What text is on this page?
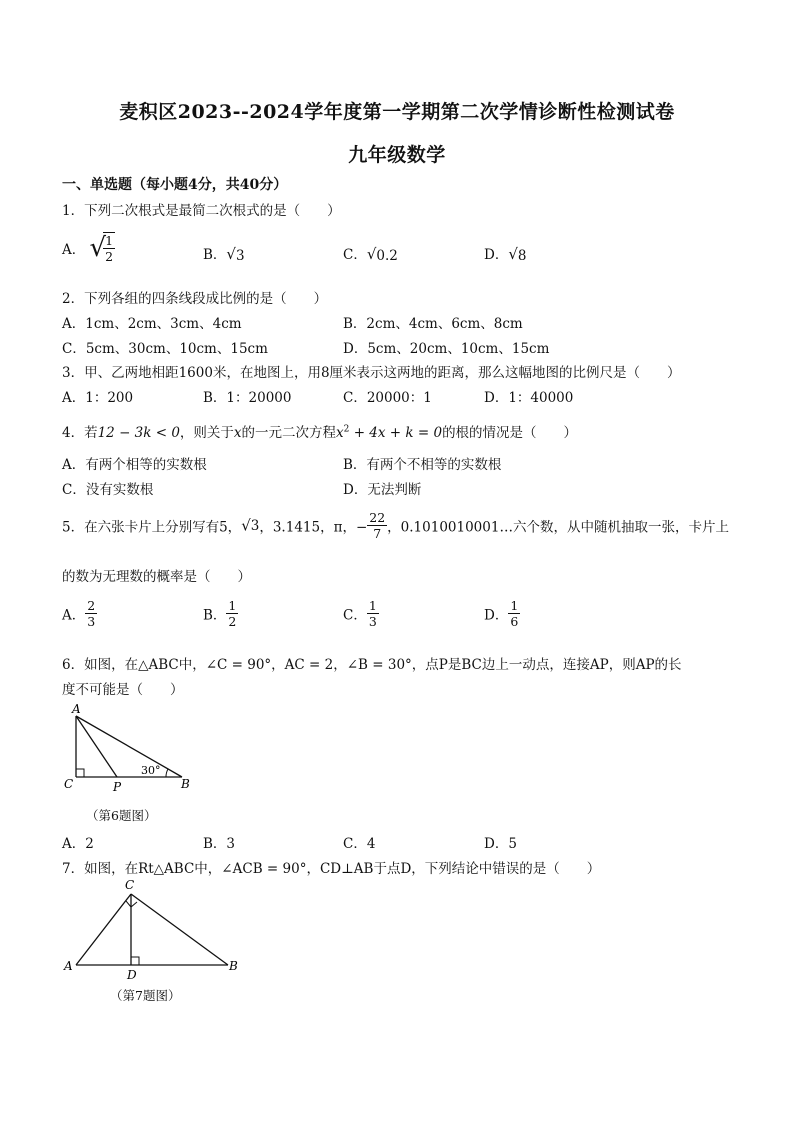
麦积区2023--2024学年度第一学期第二次学情诊断性检测试卷
九年级数学
一、单选题（每小题4分，共40分）
1．下列二次根式是最简二次根式的是（　　）
A． √
$\frac{1}{2}$	B．√3	C．√0.2	D．√8
2．下列各组的四条线段成比例的是（　　）
A．1cm、2cm、3cm、4cm	B．2cm、4cm、6cm、8cm
C．5cm、30cm、10cm、15cm	D．5cm、20cm、10cm、15cm
3．甲、乙两地相距1600米，在地图上，用8厘米表示这两地的距离，那么这幅地图的比例尺是（　　）
A．1：200	B．1：20000	C．20000：1	D．1：40000
4．若12 − 3k < 0，则关于x的一元二次方程$x^2 + 4x + k = 0$的根的情况是（　　）
A．有两个相等的实数根	B．有两个不相等的实数根
C．没有实数根	D．无法判断
5．在六张卡片上分别写有5，√3，3.1415，π，− $\frac{22}{7}$ ，0.1010010001…六个数，从中随机抽取一张，卡片上
的数为无理数的概率是（　　）
A． $\frac{2}{3}$	B． $\frac{1}{2}$	C． $\frac{1}{3}$	D． $\frac{1}{6}$
6．如图，在△ABC中，∠C = 90°，AC = 2，∠B = 30°，点P是BC边上一动点，连接AP，则AP的长
度不可能是（　　）
A
C	P	B
30°
（第6题图）
A．2	B．3	C．4	D．5
7．如图，在Rt△ABC中，∠ACB = 90°，CD⊥AB于点D，下列结论中错误的是（　　）
C
A
D
B
（第7题图）
